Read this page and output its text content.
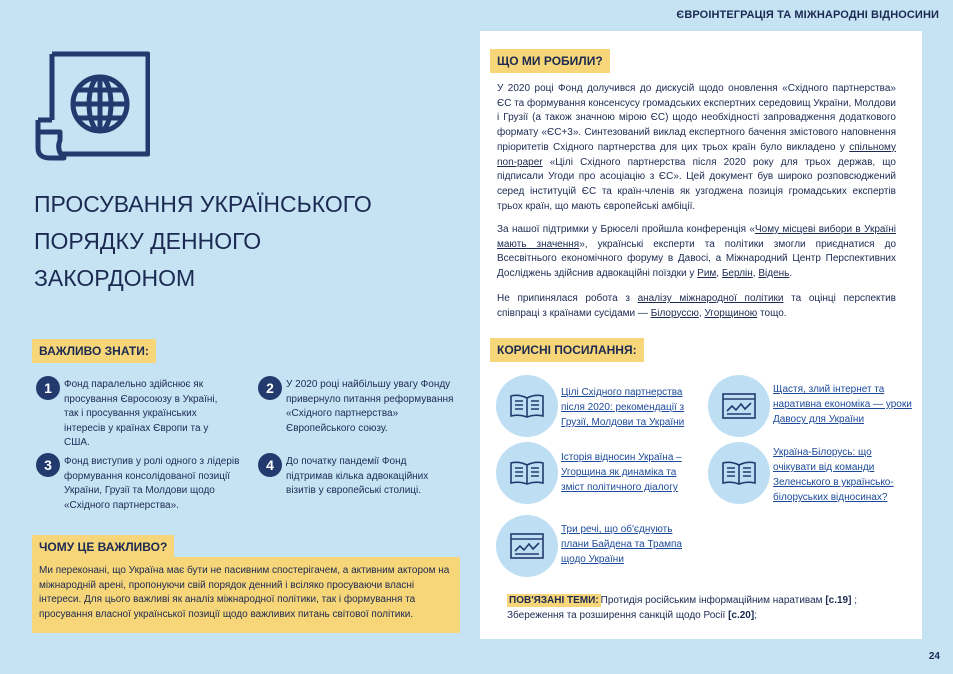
ЄВРОІНТЕГРАЦІЯ ТА МІЖНАРОДНІ ВІДНОСИНИ
ПРОСУВАННЯ УКРАЇНСЬКОГО
ПОРЯДКУ ДЕННОГО
ЗАКОРДОНОМ
ВАЖЛИВО ЗНАТИ:
1	Фонд паралельно здійснює як просування Євросоюзу в Україні, так і просування українських інтересів у країнах Європи та у США.
2	У 2020 році найбільшу увагу Фонду привернуло питання реформування «Східного партнерства» Європейського союзу.
3	Фонд виступив у ролі одного з лідерів формування консолідованої позиції України, Грузії та Молдови щодо «Східного партнерства».
4	До початку пандемії Фонд підтримав кілька адвокаційних візитів у європейські столиці.
ЧОМУ ЦЕ ВАЖЛИВО?
Ми переконані, що Україна має бути не пасивним спостерігачем, а активним актором на міжнародній арені, пропонуючи свій порядок денний і всіляко просуваючи власні інтереси. Для цього важливі як аналіз міжнародної політики, так і формування та просування власної української позиції щодо важливих питань світової політики.
ЩО МИ РОБИЛИ?
У 2020 році Фонд долучився до дискусій щодо оновлення «Східного партнерства» ЄС та формування консенсусу громадських експертних середовищ України, Молдови і Грузії (а також значною мірою ЄС) щодо необхідності запровадження додаткового формату «ЄС+3». Синтезований виклад експертного бачення змістового наповнення пріоритетів Східного партнерства для цих трьох країн було викладено у спільному non-paper «Цілі Східного партнерства після 2020 року для трьох держав, що підписали Угоди про асоціацію з ЄС». Цей документ був широко розповсюджений серед інституцій ЄС та країн-членів як узгоджена позиція громадських експертів трьох країн, що мають європейські амбіції.
За нашої підтримки у Брюселі пройшла конференція «Чому місцеві вибори в Україні мають значення», українські експерти та політики змогли приєднатися до Всесвітнього економічного форуму в Давосі, а Міжнародний Центр Перспективних Досліджень здійснив адвокаційні поїздки у Рим, Берлін, Відень.
Не припинялася робота з аналізу міжнародної політики та оцінці перспектив співпраці з країнами сусідами — Білоруссю, Угорщиною тощо.
КОРИСНІ ПОСИЛАННЯ:
Цілі Східного партнерства після 2020: рекомендації з Грузії, Молдови та України
Щастя, злий інтернет та наративна економіка — уроки Давосу для України
Історія відносин Україна – Угорщина як динаміка та зміст політичного діалогу
Україна-Білорусь: що очікувати від команди Зеленського в українсько-білоруських відносинах?
Три речі, що об'єднують плани Байдена та Трампа щодо України
ПОВ'ЯЗАНІ ТЕМИ: Протидія російським інформаційним наративам [с.19] ;
Збереження та розширення санкцій щодо Росії [с.20];
24
